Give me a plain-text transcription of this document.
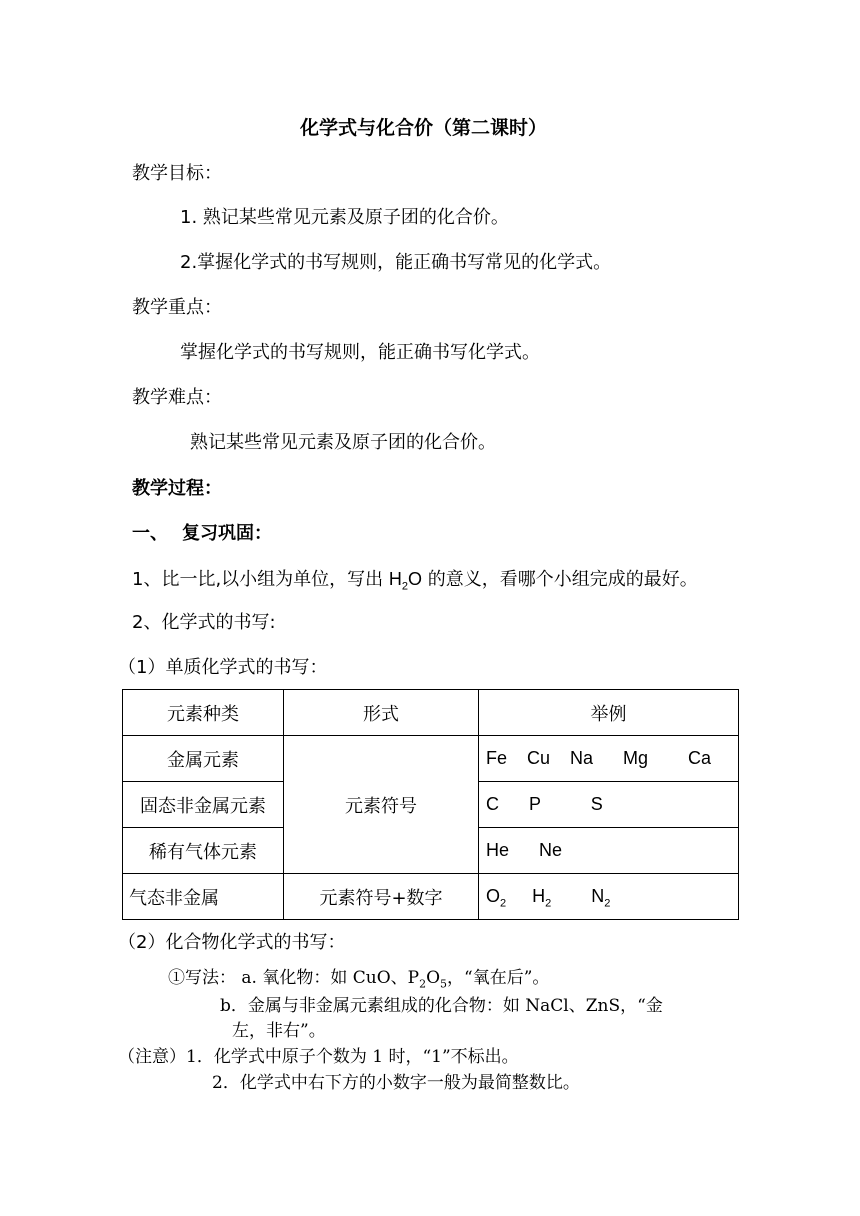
化学式与化合价（第二课时）
教学目标：
1. 熟记某些常见元素及原子团的化合价。
2.掌握化学式的书写规则，能正确书写常见的化学式。
教学重点：
掌握化学式的书写规则，能正确书写化学式。
教学难点：
熟记某些常见元素及原子团的化合价。
教学过程：
一、 复习巩固：
1、比一比,以小组为单位，写出 $H_2O$ 的意义，看哪个小组完成的最好。
2、化学式的书写:
（1）单质化学式的书写：
元素种类	形式	举例
金属元素	元素符号	Fe    Cu    Na      Mg        Ca
固态非金属元素		C      P          S
稀有气体元素		He      Ne
气态非金属	元素符号+数字	$O_2$ $H_2$ $N_2$
（2）化合物化学式的书写：
①写法： a. 氧化物：如 CuO、$P_2O_5$，“氧在后”。
b．金属与非金属元素组成的化合物：如 NaCl、ZnS，“金
左，非右”。
（注意）1．化学式中原子个数为 1 时，“1”不标出。
2．化学式中右下方的小数字一般为最简整数比。
